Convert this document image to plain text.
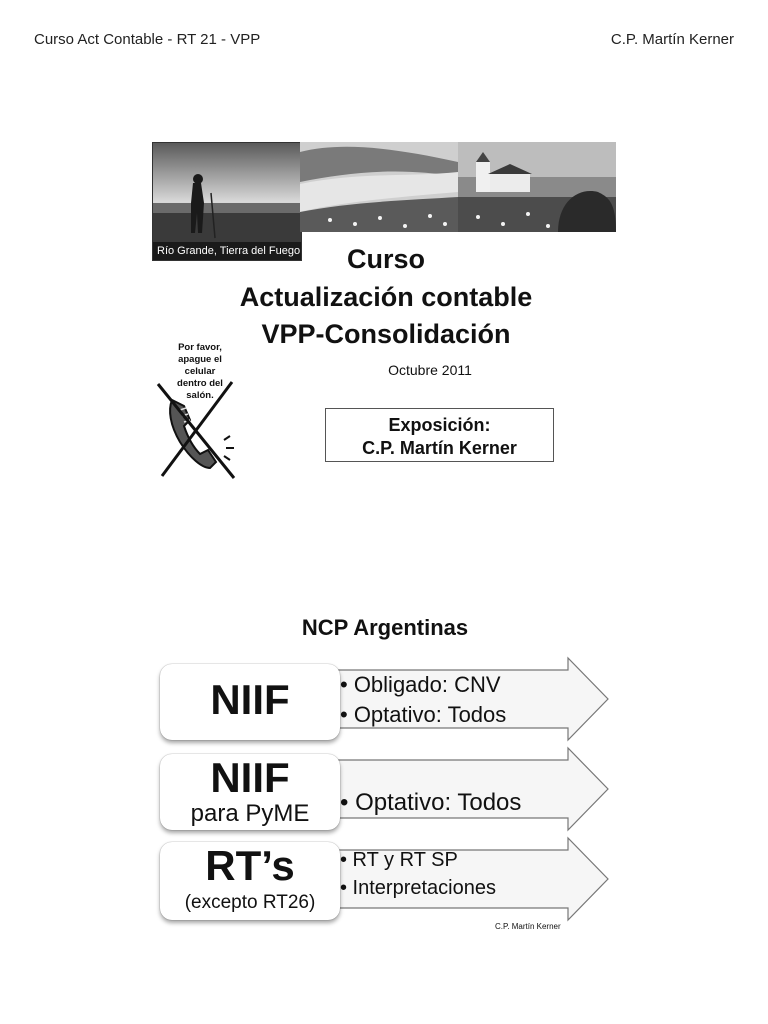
Curso Act Contable - RT 21 - VPP	C.P. Martín Kerner
Río Grande, Tierra del Fuego	Curso
Actualización contable
VPP-Consolidación
Octubre 2011
Por favor,
apague el
celular
dentro del
salón.
Exposición:
C.P. Martín Kerner
NCP Argentinas
NIIF
NIIF
para PyME
RT’s
(excepto RT26)
• Obligado: CNV
• Optativo: Todos
• Optativo: Todos
• RT y RT SP
• Interpretaciones
C.P. Martín Kerner
